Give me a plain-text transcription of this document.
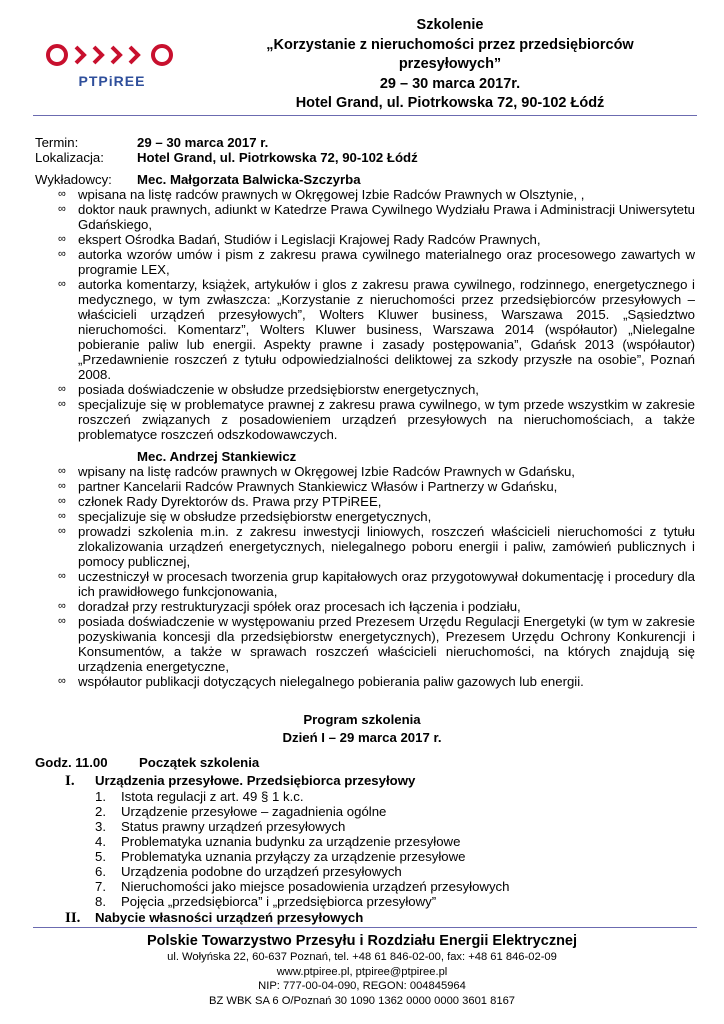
PTPiREE
Szkolenie
„Korzystanie z nieruchomości przez przedsiębiorców
przesyłowych”
29 – 30 marca 2017r.
Hotel Grand, ul. Piotrkowska 72, 90-102 Łódź
Termin:	29 – 30 marca 2017 r.
Lokalizacja:	Hotel Grand, ul. Piotrkowska 72, 90-102 Łódź
Wykładowcy: Mec. Małgorzata Balwicka-Szczyrba
∞ wpisana na listę radców prawnych w Okręgowej Izbie Radców Prawnych w Olsztynie, ,
∞ doktor nauk prawnych, adiunkt w Katedrze Prawa Cywilnego Wydziału Prawa i Administracji Uniwersytetu Gdańskiego,
∞ ekspert Ośrodka Badań, Studiów i Legislacji Krajowej Rady Radców Prawnych,
∞ autorka wzorów umów i pism z zakresu prawa cywilnego materialnego oraz procesowego zawartych w programie LEX,
∞ autorka komentarzy, książek, artykułów i glos z zakresu prawa cywilnego, rodzinnego, energetycznego i medycznego, w tym zwłaszcza: „Korzystanie z nieruchomości przez przedsiębiorców przesyłowych – właścicieli urządzeń przesyłowych”, Wolters Kluwer business, Warszawa 2015. „Sąsiedztwo nieruchomości. Komentarz”, Wolters Kluwer business, Warszawa 2014 (współautor) „Nielegalne pobieranie paliw lub energii. Aspekty prawne i zasady postępowania”, Gdańsk 2013 (współautor) „Przedawnienie roszczeń z tytułu odpowiedzialności deliktowej za szkody przyszłe na osobie”, Poznań 2008.
∞ posiada doświadczenie w obsłudze przedsiębiorstw energetycznych,
∞ specjalizuje się w problematyce prawnej z zakresu prawa cywilnego, w tym przede wszystkim w zakresie roszczeń związanych z posadowieniem urządzeń przesyłowych na nieruchomościach, a także problematyce roszczeń odszkodowawczych.
Mec. Andrzej Stankiewicz
∞ wpisany na listę radców prawnych w Okręgowej Izbie Radców Prawnych w Gdańsku,
∞ partner Kancelarii Radców Prawnych Stankiewicz Własów i Partnerzy w Gdańsku,
∞ członek Rady Dyrektorów ds. Prawa przy PTPiREE,
∞ specjalizuje się w obsłudze przedsiębiorstw energetycznych,
∞ prowadzi szkolenia m.in. z zakresu inwestycji liniowych, roszczeń właścicieli nieruchomości z tytułu zlokalizowania urządzeń energetycznych, nielegalnego poboru energii i paliw, zamówień publicznych i pomocy publicznej,
∞ uczestniczył w procesach tworzenia grup kapitałowych oraz przygotowywał dokumentację i procedury dla ich prawidłowego funkcjonowania,
∞ doradzał przy restrukturyzacji spółek oraz procesach ich łączenia i podziału,
∞ posiada doświadczenie w występowaniu przed Prezesem Urzędu Regulacji Energetyki (w tym w zakresie pozyskiwania koncesji dla przedsiębiorstw energetycznych), Prezesem Urzędu Ochrony Konkurencji i Konsumentów, a także w sprawach roszczeń właścicieli nieruchomości, na których znajdują się urządzenia energetyczne,
∞ współautor publikacji dotyczących nielegalnego pobierania paliw gazowych lub energii.
Program szkolenia
Dzień I – 29 marca 2017 r.
Godz. 11.00 Początek szkolenia
I. Urządzenia przesyłowe. Przedsiębiorca przesyłowy
1. Istota regulacji z art. 49 § 1 k.c.
2. Urządzenie przesyłowe – zagadnienia ogólne
3. Status prawny urządzeń przesyłowych
4. Problematyka uznania budynku za urządzenie przesyłowe
5. Problematyka uznania przyłączy za urządzenie przesyłowe
6. Urządzenia podobne do urządzeń przesyłowych
7. Nieruchomości jako miejsce posadowienia urządzeń przesyłowych
8. Pojęcia „przedsiębiorca” i „przedsiębiorca przesyłowy”
II. Nabycie własności urządzeń przesyłowych
Polskie Towarzystwo Przesyłu i Rozdziału Energii Elektrycznej
ul. Wołyńska 22, 60-637 Poznań, tel. +48 61 846-02-00, fax: +48 61 846-02-09
www.ptpiree.pl, ptpiree@ptpiree.pl
NIP: 777-00-04-090, REGON: 004845964
BZ WBK SA 6 O/Poznań 30 1090 1362 0000 0000 3601 8167
